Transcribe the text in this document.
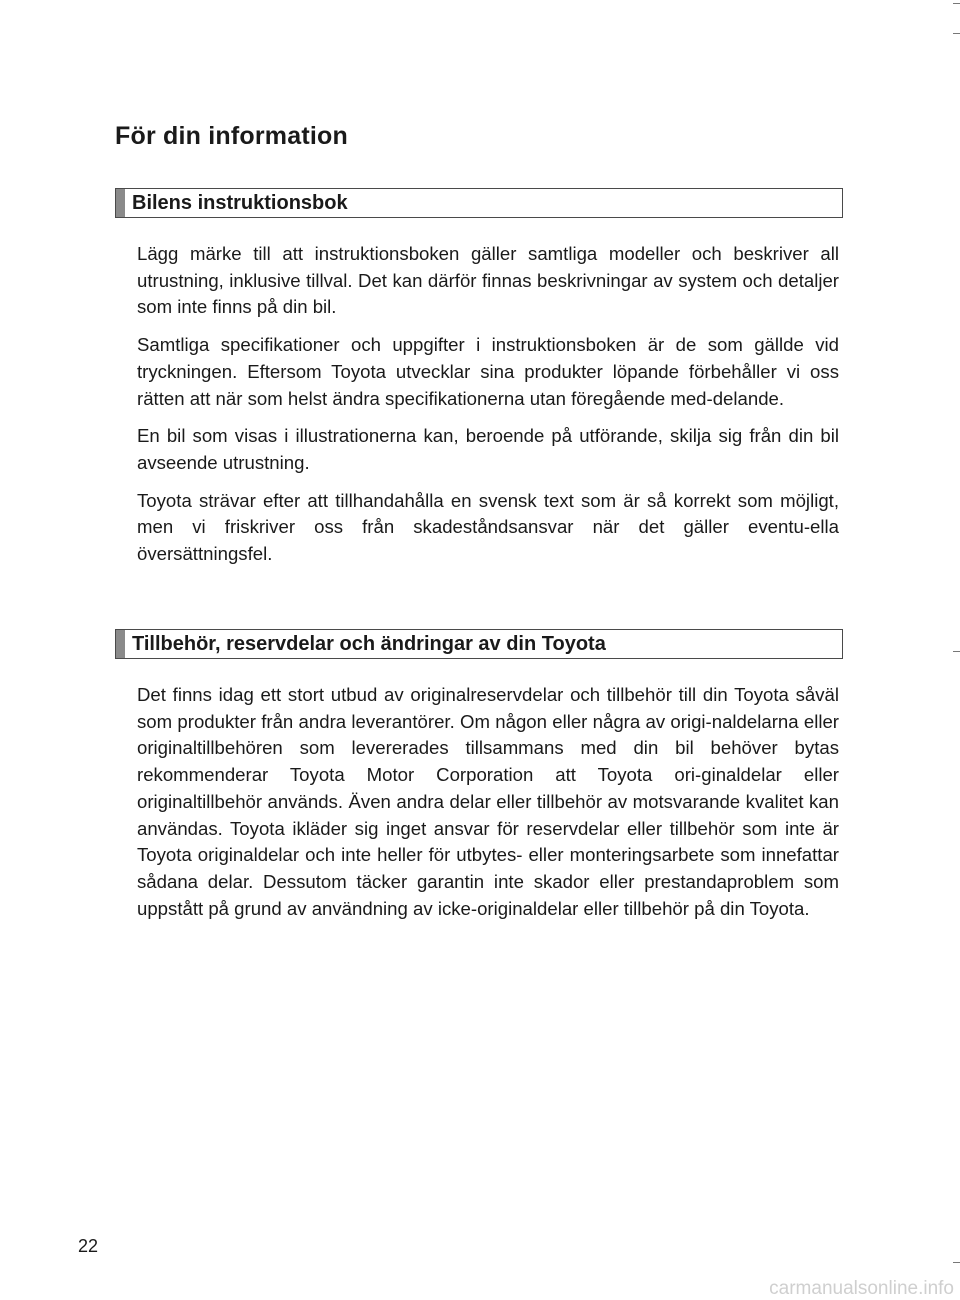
För din information
Bilens instruktionsbok

Lägg märke till att instruktionsboken gäller samtliga modeller och beskriver all utrustning, inklusive tillval. Det kan därför finnas beskrivningar av system och detaljer som inte finns på din bil.

Samtliga specifikationer och uppgifter i instruktionsboken är de som gällde vid tryckningen. Eftersom Toyota utvecklar sina produkter löpande förbehåller vi oss rätten att när som helst ändra specifikationerna utan föregående med-delande.

En bil som visas i illustrationerna kan, beroende på utförande, skilja sig från din bil avseende utrustning.

Toyota strävar efter att tillhandahålla en svensk text som är så korrekt som möjligt, men vi friskriver oss från skadeståndsansvar när det gäller eventu-ella översättningsfel.

Tillbehör, reservdelar och ändringar av din Toyota

Det finns idag ett stort utbud av originalreservdelar och tillbehör till din Toyota såväl som produkter från andra leverantörer. Om någon eller några av origi-naldelarna eller originaltillbehören som levererades tillsammans med din bil behöver bytas rekommenderar Toyota Motor Corporation att Toyota ori-ginaldelar eller originaltillbehör används. Även andra delar eller tillbehör av motsvarande kvalitet kan användas. Toyota ikläder sig inget ansvar för reservdelar eller tillbehör som inte är Toyota originaldelar och inte heller för utbytes- eller monteringsarbete som innefattar sådana delar. Dessutom täcker garantin inte skador eller prestandaproblem som uppstått på grund av användning av icke-originaldelar eller tillbehör på din Toyota.

22
carmanualsonline.info
